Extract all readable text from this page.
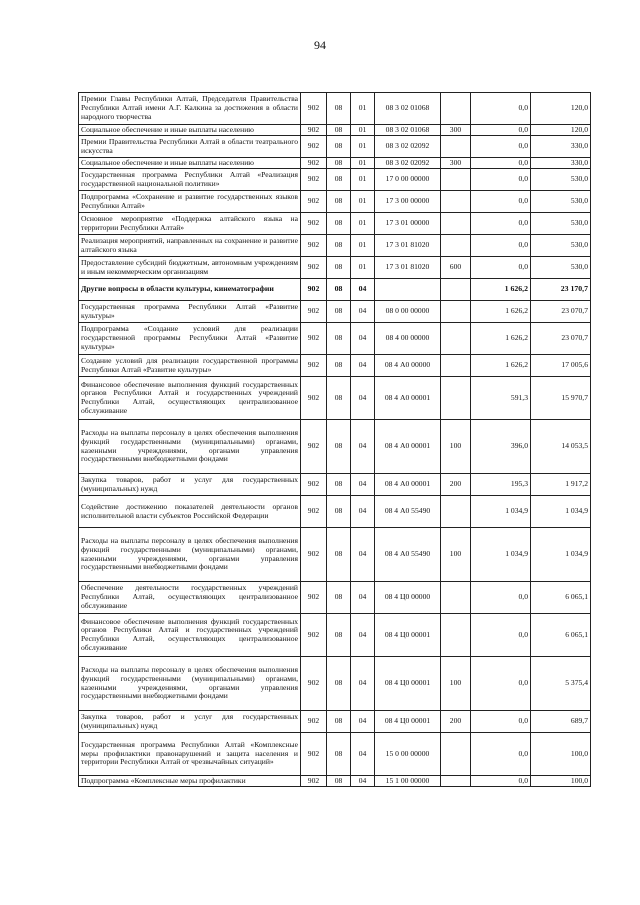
94
Премии Главы Республики Алтай, Председателя Правительства Республики Алтай имени А.Г. Калкина за достижения в области народного творчества	902	08	01	08 3 02 01068		0,0	120,0
Социальное обеспечение и иные выплаты населению	902	08	01	08 3 02 01068	300	0,0	120,0
Премии Правительства Республики Алтай в области театрального искусства	902	08	01	08 3 02 02092		0,0	330,0
Социальное обеспечение и иные выплаты населению	902	08	01	08 3 02 02092	300	0,0	330,0
Государственная программа Республики Алтай «Реализация государственной национальной политики»	902	08	01	17 0 00 00000		0,0	530,0
Подпрограмма «Сохранение и развитие государственных языков Республики Алтай»	902	08	01	17 3 00 00000		0,0	530,0
Основное мероприятие «Поддержка алтайского языка на территории Республики Алтай»	902	08	01	17 3 01 00000		0,0	530,0
Реализация мероприятий, направленных на сохранение и развитие алтайского языка	902	08	01	17 3 01 81020		0,0	530,0
Предоставление субсидий бюджетным, автономным учреждениям и иным некоммерческим организациям	902	08	01	17 3 01 81020	600	0,0	530,0
Другие вопросы в области культуры, кинематографии	902	08	04			1 626,2	23 170,7
Государственная программа Республики Алтай «Развитие культуры»	902	08	04	08 0 00 00000		1 626,2	23 070,7
Подпрограмма «Создание условий для реализации государственной программы Республики Алтай «Развитие культуры»	902	08	04	08 4 00 00000		1 626,2	23 070,7
Создание условий для реализации государственной программы Республики Алтай «Развитие культуры»	902	08	04	08 4 А0 00000		1 626,2	17 005,6
Финансовое обеспечение выполнения функций государственных органов Республики Алтай и государственных учреждений Республики Алтай, осуществляющих централизованное обслуживание	902	08	04	08 4 А0 00001		591,3	15 970,7
Расходы на выплаты персоналу в целях обеспечения выполнения функций государственными (муниципальными) органами, казенными учреждениями, органами управления государственными внебюджетными фондами	902	08	04	08 4 А0 00001	100	396,0	14 053,5
Закупка товаров, работ и услуг для государственных (муниципальных) нужд	902	08	04	08 4 А0 00001	200	195,3	1 917,2
Содействие достижению показателей деятельности органов исполнительной власти субъектов Российской Федерации	902	08	04	08 4 А0 55490		1 034,9	1 034,9
Расходы на выплаты персоналу в целях обеспечения выполнения функций государственными (муниципальными) органами, казенными учреждениями, органами управления государственными внебюджетными фондами	902	08	04	08 4 А0 55490	100	1 034,9	1 034,9
Обеспечение деятельности государственных учреждений Республики Алтай, осуществляющих централизованное обслуживание	902	08	04	08 4 Ц0 00000		0,0	6 065,1
Финансовое обеспечение выполнения функций государственных органов Республики Алтай и государственных учреждений Республики Алтай, осуществляющих централизованное обслуживание	902	08	04	08 4 Ц0 00001		0,0	6 065,1
Расходы на выплаты персоналу в целях обеспечения выполнения функций государственными (муниципальными) органами, казенными учреждениями, органами управления государственными внебюджетными фондами	902	08	04	08 4 Ц0 00001	100	0,0	5 375,4
Закупка товаров, работ и услуг для государственных (муниципальных) нужд	902	08	04	08 4 Ц0 00001	200	0,0	689,7
Государственная программа Республики Алтай «Комплексные меры профилактики правонарушений и защита населения и территории Республики Алтай от чрезвычайных ситуаций»	902	08	04	15 0 00 00000		0,0	100,0
Подпрограмма «Комплексные меры профилактики	902	08	04	15 1 00 00000		0,0	100,0
